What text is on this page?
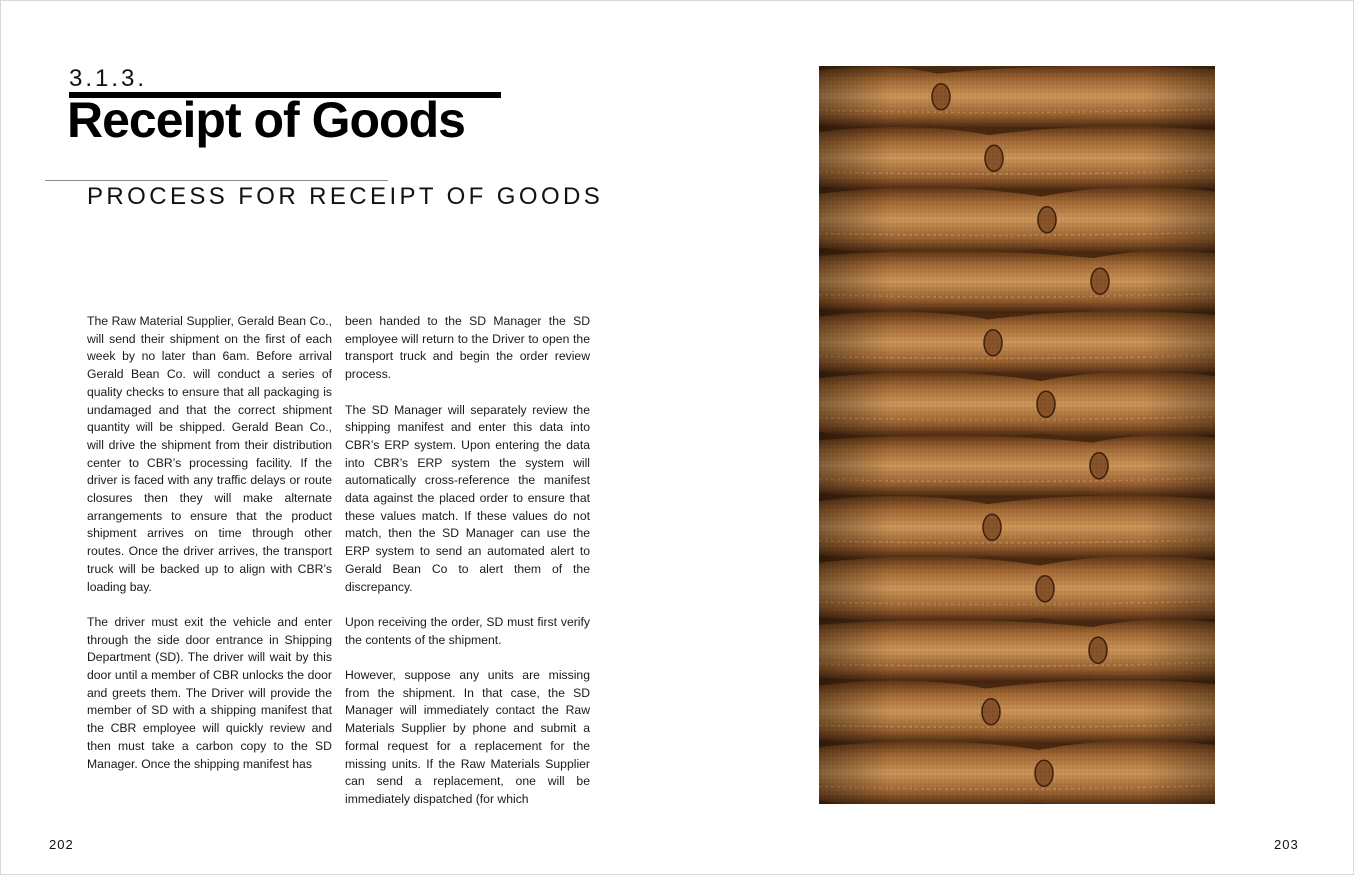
3.1.3.
Receipt of Goods
PROCESS FOR RECEIPT OF GOODS

The Raw Material Supplier, Gerald Bean Co., will send their shipment on the first of each week by no later than 6am. Before arrival Gerald Bean Co. will conduct a series of quality checks to ensure that all packaging is undamaged and that the correct shipment quantity will be shipped. Gerald Bean Co., will drive the shipment from their distribution center to CBR’s processing facility. If the driver is faced with any traffic delays or route closures then they will make alternate arrangements to ensure that the product shipment arrives on time through other routes. Once the driver arrives, the transport truck will be backed up to align with CBR’s loading bay.

The driver must exit the vehicle and enter through the side door entrance in Shipping Department (SD). The driver will wait by this door until a member of CBR unlocks the door and greets them. The Driver will provide the member of SD with a shipping manifest that the CBR employee will quickly review and then must take a carbon copy to the SD Manager. Once the shipping manifest has

been handed to the SD Manager the SD employee will return to the Driver to open the transport truck and begin the order review process.

The SD Manager will separately review the shipping manifest and enter this data into CBR’s ERP system. Upon entering the data into CBR’s ERP system the system will automatically cross-reference the manifest data against the placed order to ensure that these values match. If these values do not match, then the SD Manager can use the ERP system to send an automated alert to Gerald Bean Co to alert them of the discrepancy.

Upon receiving the order, SD must first verify the contents of the shipment.

However, suppose any units are missing from the shipment. In that case, the SD Manager will immediately contact the Raw Materials Supplier by phone and submit a formal request for a replacement for the missing units. If the Raw Materials Supplier can send a replacement, one will be immediately dispatched (for which

202	203
